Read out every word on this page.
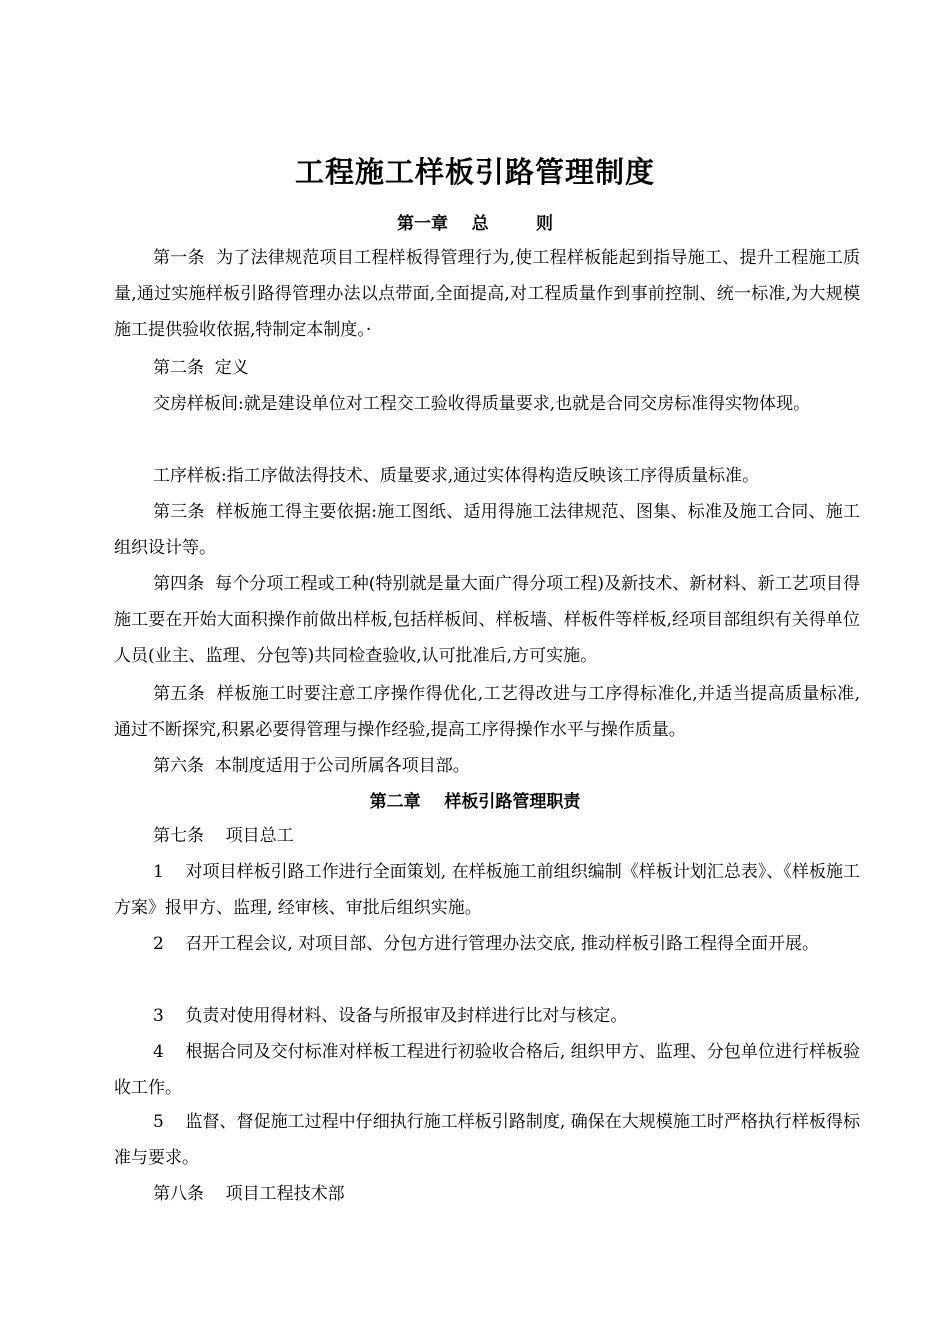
工程施工样板引路管理制度
第一章    总        则
第一条  为了法律规范项目工程样板得管理行为,使工程样板能起到指导施工、提升工程施工质量,通过实施样板引路得管理办法以点带面,全面提高,对工程质量作到事前控制、统一标准,为大规模施工提供验收依据,特制定本制度。·
第二条  定义
交房样板间:就是建设单位对工程交工验收得质量要求,也就是合同交房标准得实物体现。
工序样板:指工序做法得技术、质量要求,通过实体得构造反映该工序得质量标准。
第三条  样板施工得主要依据:施工图纸、适用得施工法律规范、图集、标准及施工合同、施工组织设计等。
第四条  每个分项工程或工种(特别就是量大面广得分项工程)及新技术、新材料、新工艺项目得施工要在开始大面积操作前做出样板,包括样板间、样板墙、样板件等样板,经项目部组织有关得单位人员(业主、监理、分包等)共同检查验收,认可批准后,方可实施。
第五条  样板施工时要注意工序操作得优化,工艺得改进与工序得标准化,并适当提高质量标准,通过不断探究,积累必要得管理与操作经验,提高工序得操作水平与操作质量。
第六条  本制度适用于公司所属各项目部。
第二章    样板引路管理职责
第七条    项目总工
1    对项目样板引路工作进行全面策划, 在样板施工前组织编制《样板计划汇总表》、《样板施工方案》报甲方、监理, 经审核、审批后组织实施。
2    召开工程会议, 对项目部、分包方进行管理办法交底, 推动样板引路工程得全面开展。
3    负责对使用得材料、设备与所报审及封样进行比对与核定。
4    根据合同及交付标准对样板工程进行初验收合格后, 组织甲方、监理、分包单位进行样板验收工作。
5    监督、督促施工过程中仔细执行施工样板引路制度, 确保在大规模施工时严格执行样板得标准与要求。
第八条    项目工程技术部
